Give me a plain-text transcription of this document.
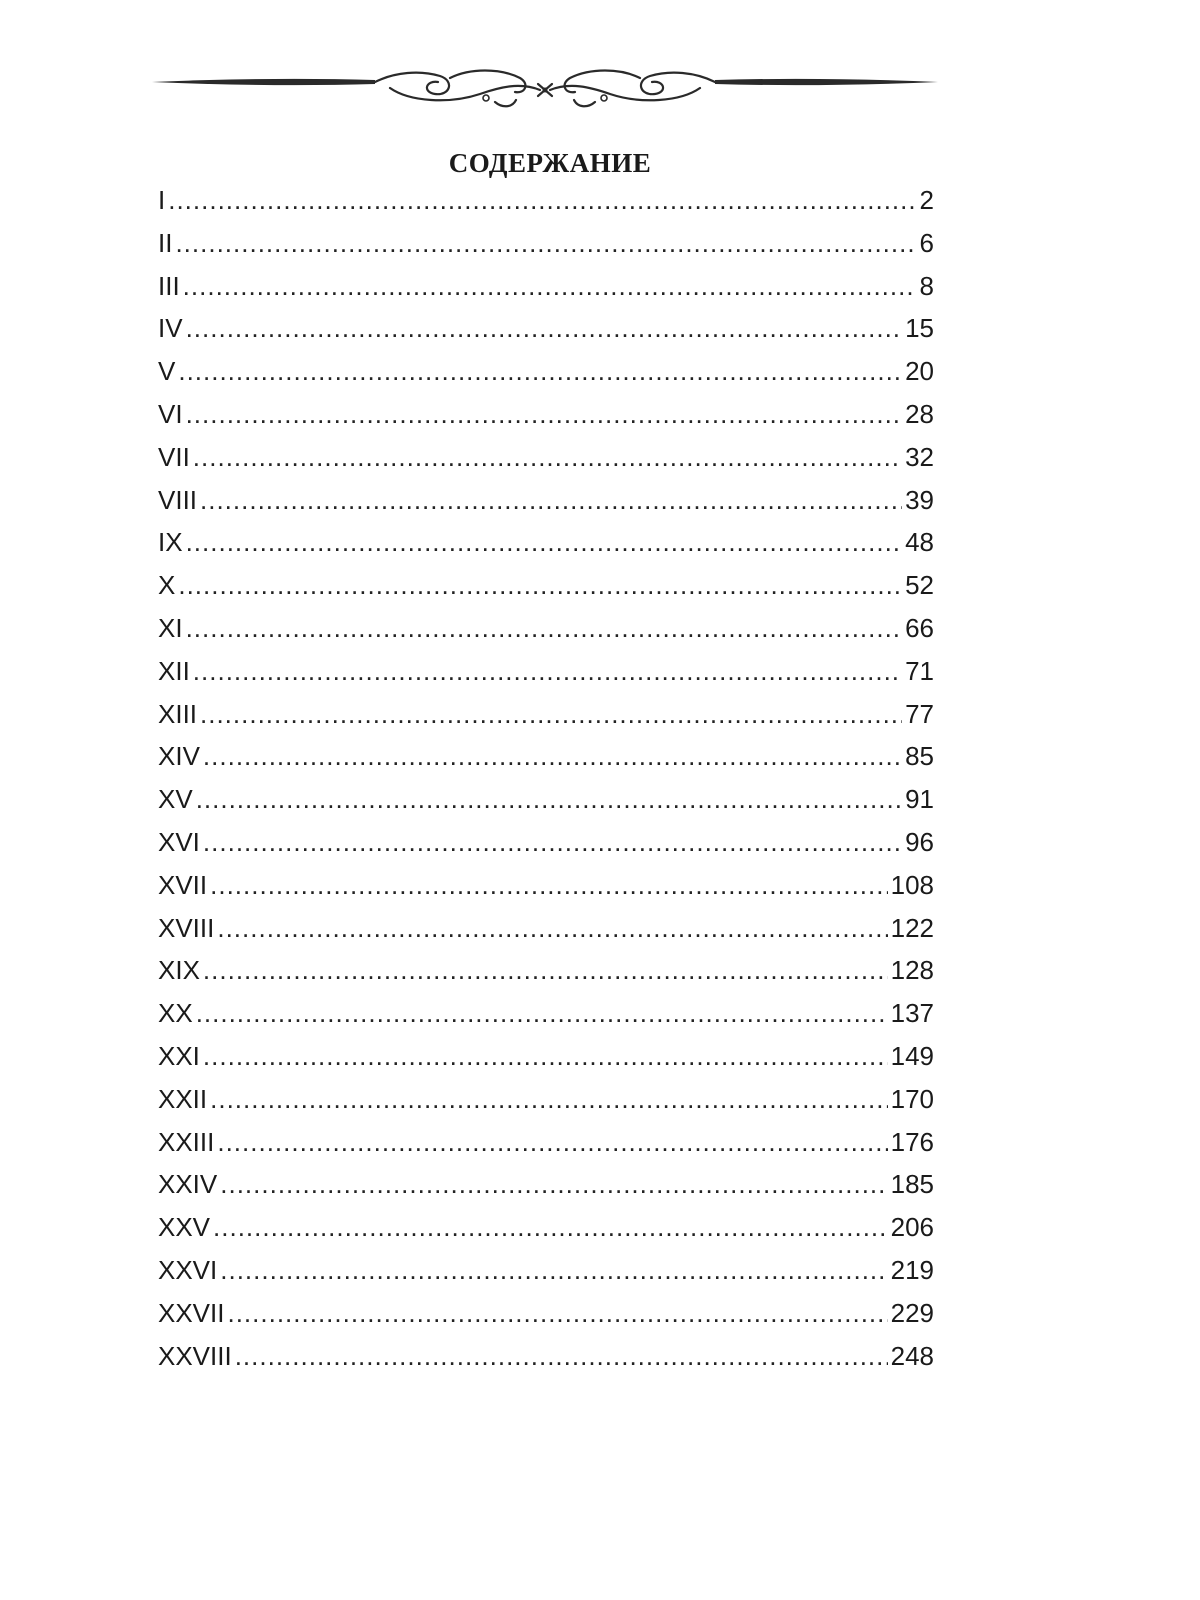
СОДЕРЖАНИЕ
I .....	2
II .....	6
III .....	8
IV .....	15
V .....	20
VI .....	28
VII .....	32
VIII .....	39
IX .....	48
X .....	52
XI .....	66
XII .....	71
XIII .....	77
XIV .....	85
XV .....	91
XVI .....	96
XVII .....	108
XVIII .....	122
XIX .....	128
XX .....	137
XXI .....	149
XXII .....	170
XXIII .....	176
XXIV .....	185
XXV .....	206
XXVI .....	219
XXVII .....	229
XXVIII .....	248
